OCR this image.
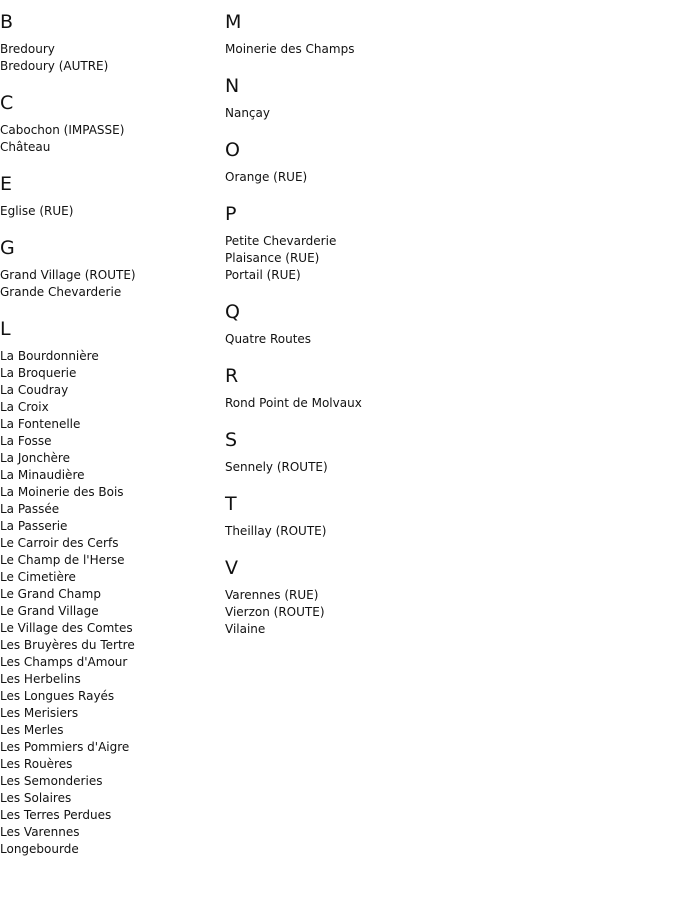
B
Bredoury
Bredoury (AUTRE)
C
Cabochon (IMPASSE)
Château
E
Eglise (RUE)
G
Grand Village (ROUTE)
Grande Chevarderie
L
La Bourdonnière
La Broquerie
La Coudray
La Croix
La Fontenelle
La Fosse
La Jonchère
La Minaudière
La Moinerie des Bois
La Passée
La Passerie
Le Carroir des Cerfs
Le Champ de l'Herse
Le Cimetière
Le Grand Champ
Le Grand Village
Le Village des Comtes
Les Bruyères du Tertre
Les Champs d'Amour
Les Herbelins
Les Longues Rayés
Les Merisiers
Les Merles
Les Pommiers d'Aigre
Les Rouères
Les Semonderies
Les Solaires
Les Terres Perdues
Les Varennes
Longebourde
M
Moinerie des Champs
N
Nançay
O
Orange (RUE)
P
Petite Chevarderie
Plaisance (RUE)
Portail (RUE)
Q
Quatre Routes
R
Rond Point de Molvaux
S
Sennely (ROUTE)
T
Theillay (ROUTE)
V
Varennes (RUE)
Vierzon (ROUTE)
Vilaine
